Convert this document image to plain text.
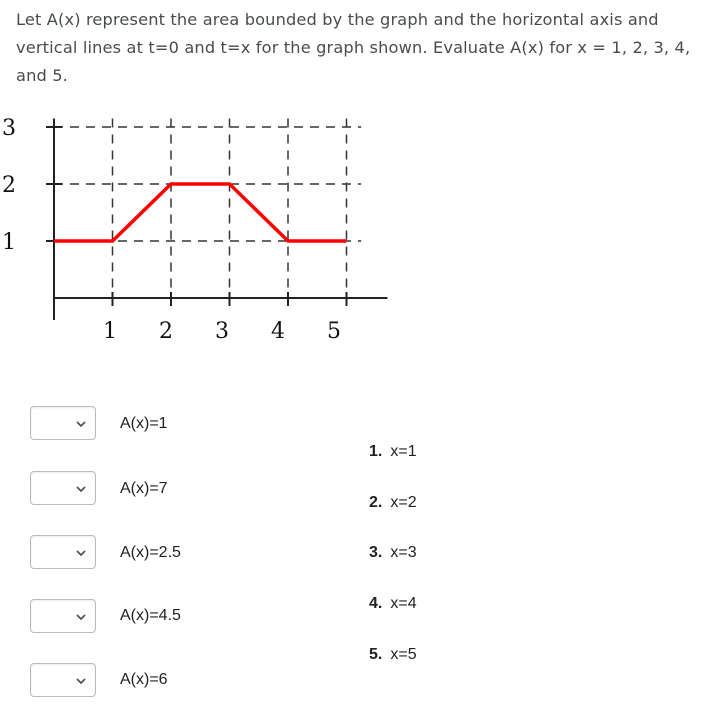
Let A(x) represent the area bounded by the graph and the horizontal axis and vertical lines at t=0 and t=x for the graph shown. Evaluate A(x) for x = 1, 2, 3, 4, and 5.

3
2
1
1 2 3 4 5
A(x)=1
A(x)=7
A(x)=2.5
A(x)=4.5
A(x)=6
1. x=1
2. x=2
3. x=3
4. x=4
5. x=5
